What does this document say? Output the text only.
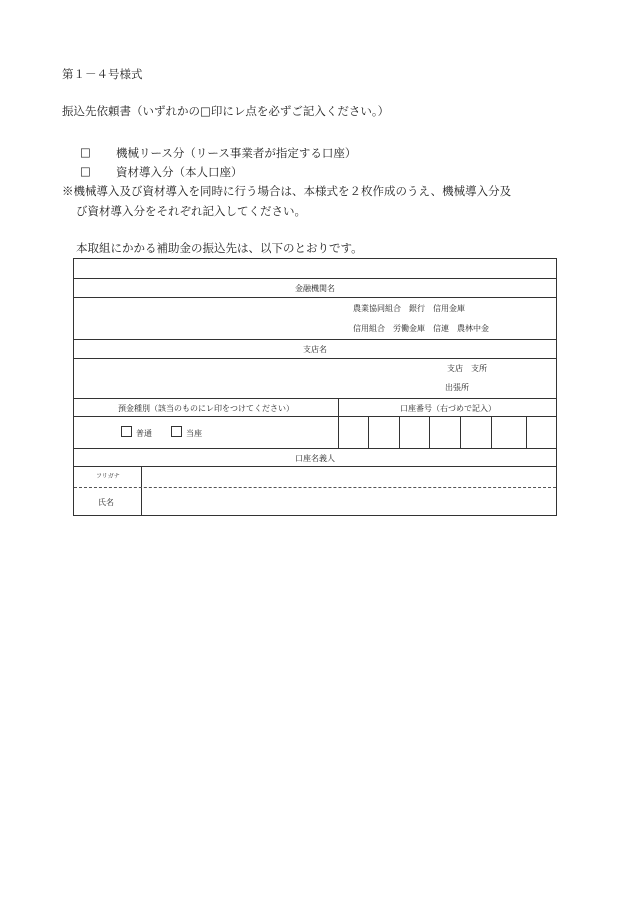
第１－４号様式
振込先依頼書（いずれかの□印にレ点を必ずご記入ください。）
□ 機械リース分（リース事業者が指定する口座）
□ 資材導入分（本人口座）
※機械導入及び資材導入を同時に行う場合は、本様式を２枚作成のうえ、機械導入分及
び資材導入分をそれぞれ記入してください。
本取組にかかる補助金の振込先は、以下のとおりです。
金融機関名
農業協同組合　銀行　信用金庫
信用組合　労働金庫　信連　農林中金
支店名
支店　支所
出張所
預金種別（該当のものにレ印をつけてください）	口座番号（右づめで記入）
普通	当座
口座名義人
フリガナ
氏名
